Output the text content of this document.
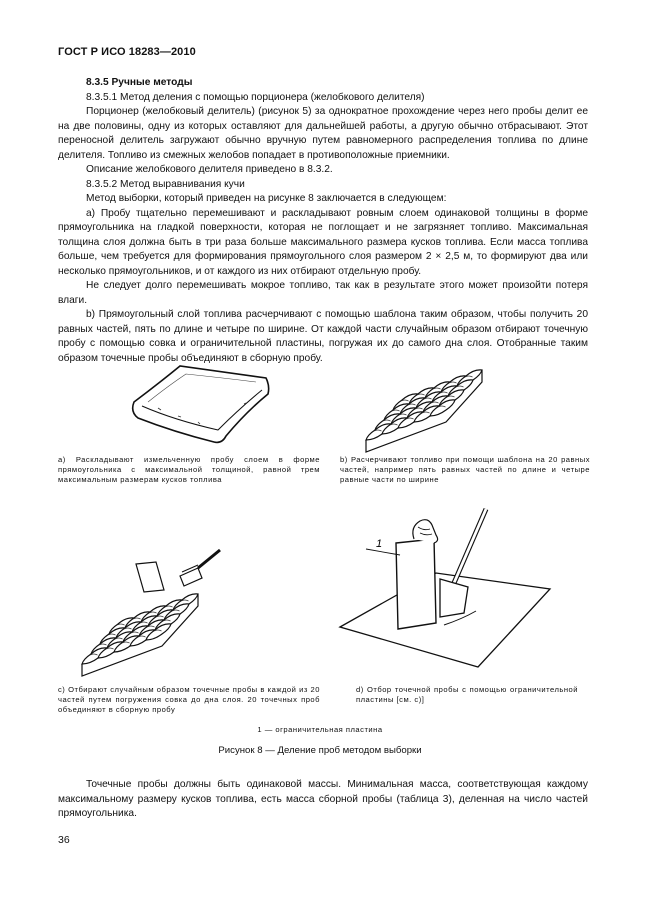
ГОСТ Р ИСО 18283—2010

8.3.5 Ручные методы

8.3.5.1 Метод деления с помощью порционера (желобкового делителя)

Порционер (желобковый делитель) (рисунок 5) за однократное прохождение через него пробы делит ее на две половины, одну из которых оставляют для дальнейшей работы, а другую обычно отбрасывают. Этот переносной делитель загружают обычно вручную путем равномерного распределения топлива по длине делителя. Топливо из смежных желобов попадает в противоположные приемники.

Описание желобкового делителя приведено в 8.3.2.

8.3.5.2 Метод выравнивания кучи

Метод выборки, который приведен на рисунке 8 заключается в следующем:

a) Пробу тщательно перемешивают и раскладывают ровным слоем одинаковой толщины в форме прямоугольника на гладкой поверхности, которая не поглощает и не загрязняет топливо. Максимальная толщина слоя должна быть в три раза больше максимального размера кусков топлива. Если масса топлива больше, чем требуется для формирования прямоугольного слоя размером 2 × 2,5 м, то формируют два или несколько прямоугольников, и от каждого из них отбирают отдельную пробу.

Не следует долго перемешивать мокрое топливо, так как в результате этого может произойти потеря влаги.

b) Прямоугольный слой топлива расчерчивают с помощью шаблона таким образом, чтобы получить 20 равных частей, пять по длине и четыре по ширине. От каждой части случайным образом отбирают точечную пробу с помощью совка и ограничительной пластины, погружая их до самого дна слоя. Отобранные таким образом точечные пробы объединяют в сборную пробу.

а) Раскладывают измельченную пробу слоем в форме прямоугольника с максимальной толщиной, равной трем максимальным размерам кусков топлива
b) Расчерчивают топливо при помощи шаблона на 20 равных частей, например пять равных частей по длине и четыре равные части по ширине
1
с) Отбирают случайным образом точечные пробы в каждой из 20 частей путем погружения совка до дна слоя. 20 точечных проб объединяют в сборную пробу
d) Отбор точечной пробы с помощью ограничительной пластины [см. с)]
1 — ограничительная пластина
Рисунок 8 — Деление проб методом выборки

Точечные пробы должны быть одинаковой массы. Минимальная масса, соответствующая каждому максимальному размеру кусков топлива, есть масса сборной пробы (таблица 3), деленная на число частей прямоугольника.

36
